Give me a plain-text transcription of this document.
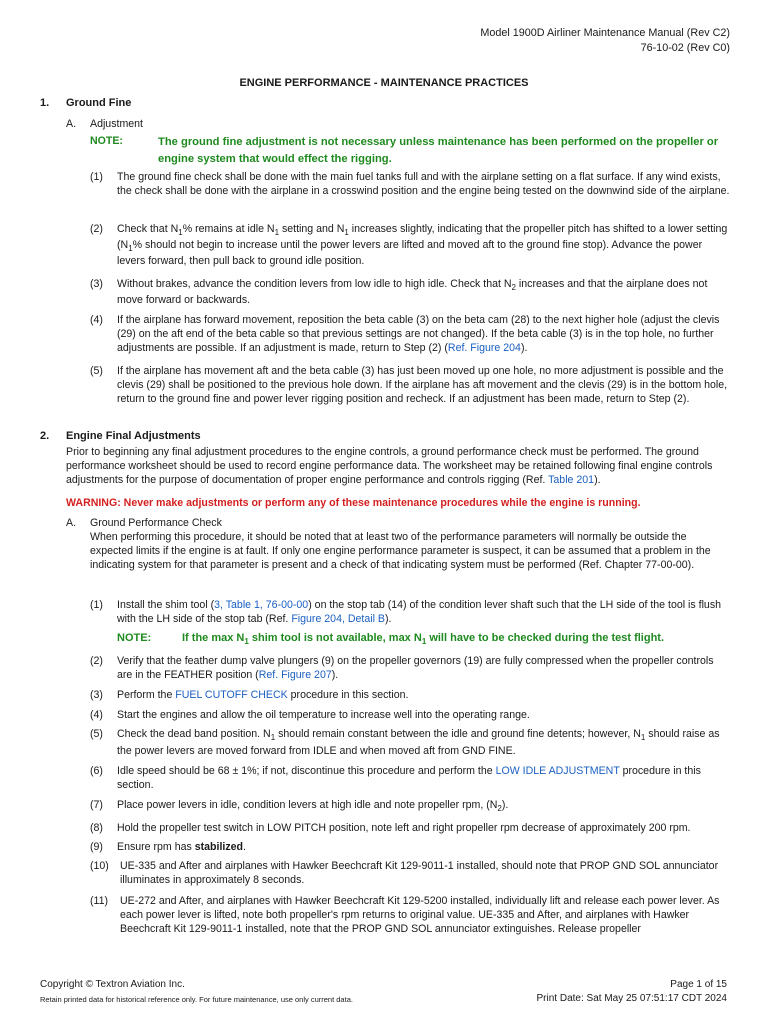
Model 1900D Airliner Maintenance Manual (Rev C2)
76-10-02 (Rev C0)
ENGINE PERFORMANCE - MAINTENANCE PRACTICES
1. Ground Fine
A. Adjustment
NOTE:	The ground fine adjustment is not necessary unless maintenance has been performed on the propeller or engine system that would effect the rigging.
(1) The ground fine check shall be done with the main fuel tanks full and with the airplane setting on a flat surface. If any wind exists, the check shall be done with the airplane in a crosswind position and the engine being tested on the downwind side of the airplane.
(2) Check that $N_1\%$ remains at idle $N_1$ setting and $N_1$ increases slightly, indicating that the propeller pitch has shifted to a lower setting ($N_1\%$ should not begin to increase until the power levers are lifted and moved aft to the ground fine stop). Advance the power levers forward, then pull back to ground idle position.
(3) Without brakes, advance the condition levers from low idle to high idle. Check that $N_2$ increases and that the airplane does not move forward or backwards.
(4) If the airplane has forward movement, reposition the beta cable (3) on the beta cam (28) to the next higher hole (adjust the clevis (29) on the aft end of the beta cable so that previous settings are not changed). If the beta cable (3) is in the top hole, no further adjustments are possible. If an adjustment is made, return to Step (2) (Ref. Figure 204).
(5) If the airplane has movement aft and the beta cable (3) has just been moved up one hole, no more adjustment is possible and the clevis (29) shall be positioned to the previous hole down. If the airplane has aft movement and the clevis (29) is in the bottom hole, return to the ground fine and power lever rigging position and recheck. If an adjustment has been made, return to Step (2).
2. Engine Final Adjustments
Prior to beginning any final adjustment procedures to the engine controls, a ground performance check must be performed. The ground performance worksheet should be used to record engine performance data. The worksheet may be retained following final engine controls adjustments for the purpose of documentation of proper engine performance and controls rigging (Ref. Table 201).
WARNING: Never make adjustments or perform any of these maintenance procedures while the engine is running.
A. Ground Performance Check
When performing this procedure, it should be noted that at least two of the performance parameters will normally be outside the expected limits if the engine is at fault. If only one engine performance parameter is suspect, it can be assumed that a problem in the indicating system for that parameter is present and a check of that indicating system must be performed (Ref. Chapter 77-00-00).
(1) Install the shim tool (3, Table 1, 76-00-00) on the stop tab (14) of the condition lever shaft such that the LH side of the tool is flush with the LH side of the stop tab (Ref. Figure 204, Detail B).
NOTE:	If the $\max N_1$ shim tool is not available, $\max N_1$ will have to be checked during the test flight.
(2) Verify that the feather dump valve plungers (9) on the propeller governors (19) are fully compressed when the propeller controls are in the FEATHER position (Ref. Figure 207).
(3) Perform the FUEL CUTOFF CHECK procedure in this section.
(4) Start the engines and allow the oil temperature to increase well into the operating range.
(5) Check the dead band position. $N_1$ should remain constant between the idle and ground fine detents; however, $N_1$ should raise as the power levers are moved forward from IDLE and when moved aft from GND FINE.
(6) Idle speed should be 68 ± 1%; if not, discontinue this procedure and perform the LOW IDLE ADJUSTMENT procedure in this section.
(7) Place power levers in idle, condition levers at high idle and note propeller rpm, $(N_2)$.
(8) Hold the propeller test switch in LOW PITCH position, note left and right propeller rpm decrease of approximately 200 rpm.
(9) Ensure rpm has stabilized.
(10) UE-335 and After and airplanes with Hawker Beechcraft Kit 129-9011-1 installed, should note that PROP GND SOL annunciator illuminates in approximately 8 seconds.
(11) UE-272 and After, and airplanes with Hawker Beechcraft Kit 129-5200 installed, individually lift and release each power lever. As each power lever is lifted, note both propeller's rpm returns to original value. UE-335 and After, and airplanes with Hawker Beechcraft Kit 129-9011-1 installed, note that the PROP GND SOL annunciator extinguishes. Release propeller
Copyright © Textron Aviation Inc.
Retain printed data for historical reference only. For future maintenance, use only current data.
Page 1 of 15
Print Date: Sat May 25 07:51:17 CDT 2024
